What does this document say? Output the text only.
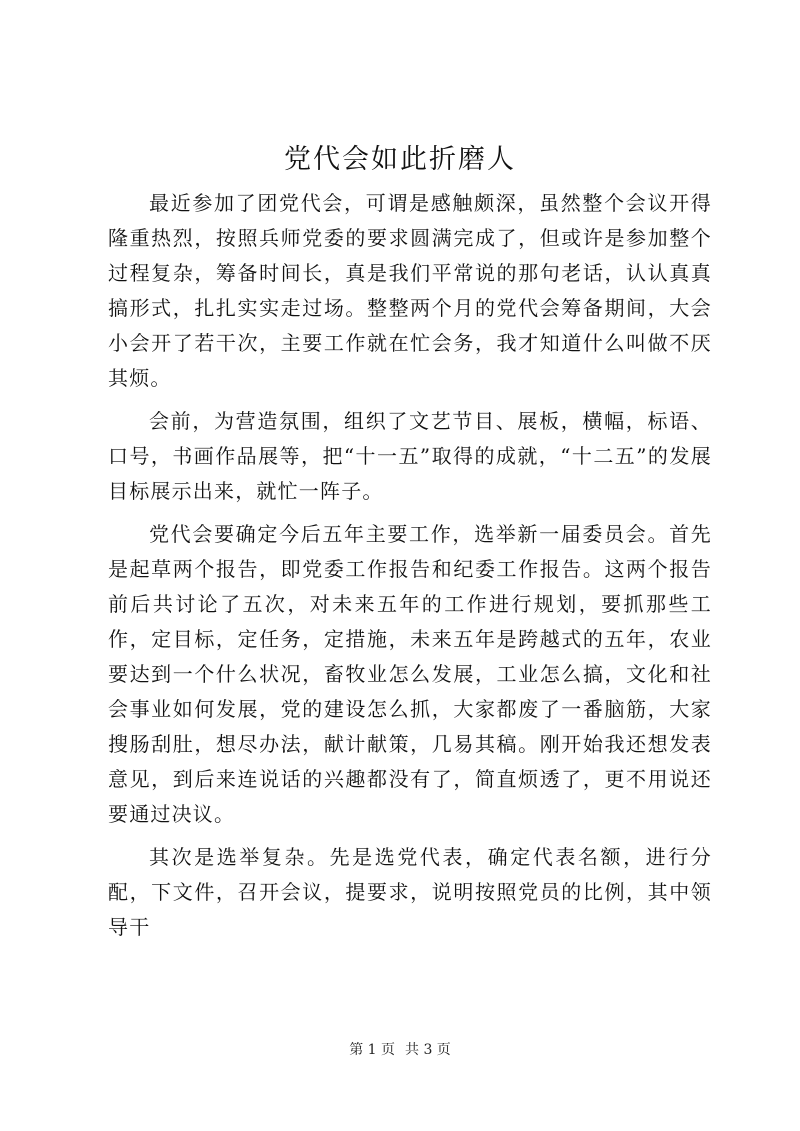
党代会如此折磨人

最近参加了团党代会，可谓是感触颇深，虽然整个会议开得隆重热烈，按照兵师党委的要求圆满完成了，但或许是参加整个过程复杂，筹备时间长，真是我们平常说的那句老话，认认真真搞形式，扎扎实实走过场。整整两个月的党代会筹备期间，大会小会开了若干次，主要工作就在忙会务，我才知道什么叫做不厌其烦。

会前，为营造氛围，组织了文艺节目、展板，横幅，标语、口号，书画作品展等，把“十一五”取得的成就，“十二五”的发展目标展示出来，就忙一阵子。

党代会要确定今后五年主要工作，选举新一届委员会。首先是起草两个报告，即党委工作报告和纪委工作报告。这两个报告前后共讨论了五次，对未来五年的工作进行规划，要抓那些工作，定目标，定任务，定措施，未来五年是跨越式的五年，农业要达到一个什么状况，畜牧业怎么发展，工业怎么搞，文化和社会事业如何发展，党的建设怎么抓，大家都废了一番脑筋，大家搜肠刮肚，想尽办法，献计献策，几易其稿。刚开始我还想发表意见，到后来连说话的兴趣都没有了，简直烦透了，更不用说还要通过决议。

其次是选举复杂。先是选党代表，确定代表名额，进行分配，下文件，召开会议，提要求，说明按照党员的比例，其中领导干

第 1 页 共 3 页
